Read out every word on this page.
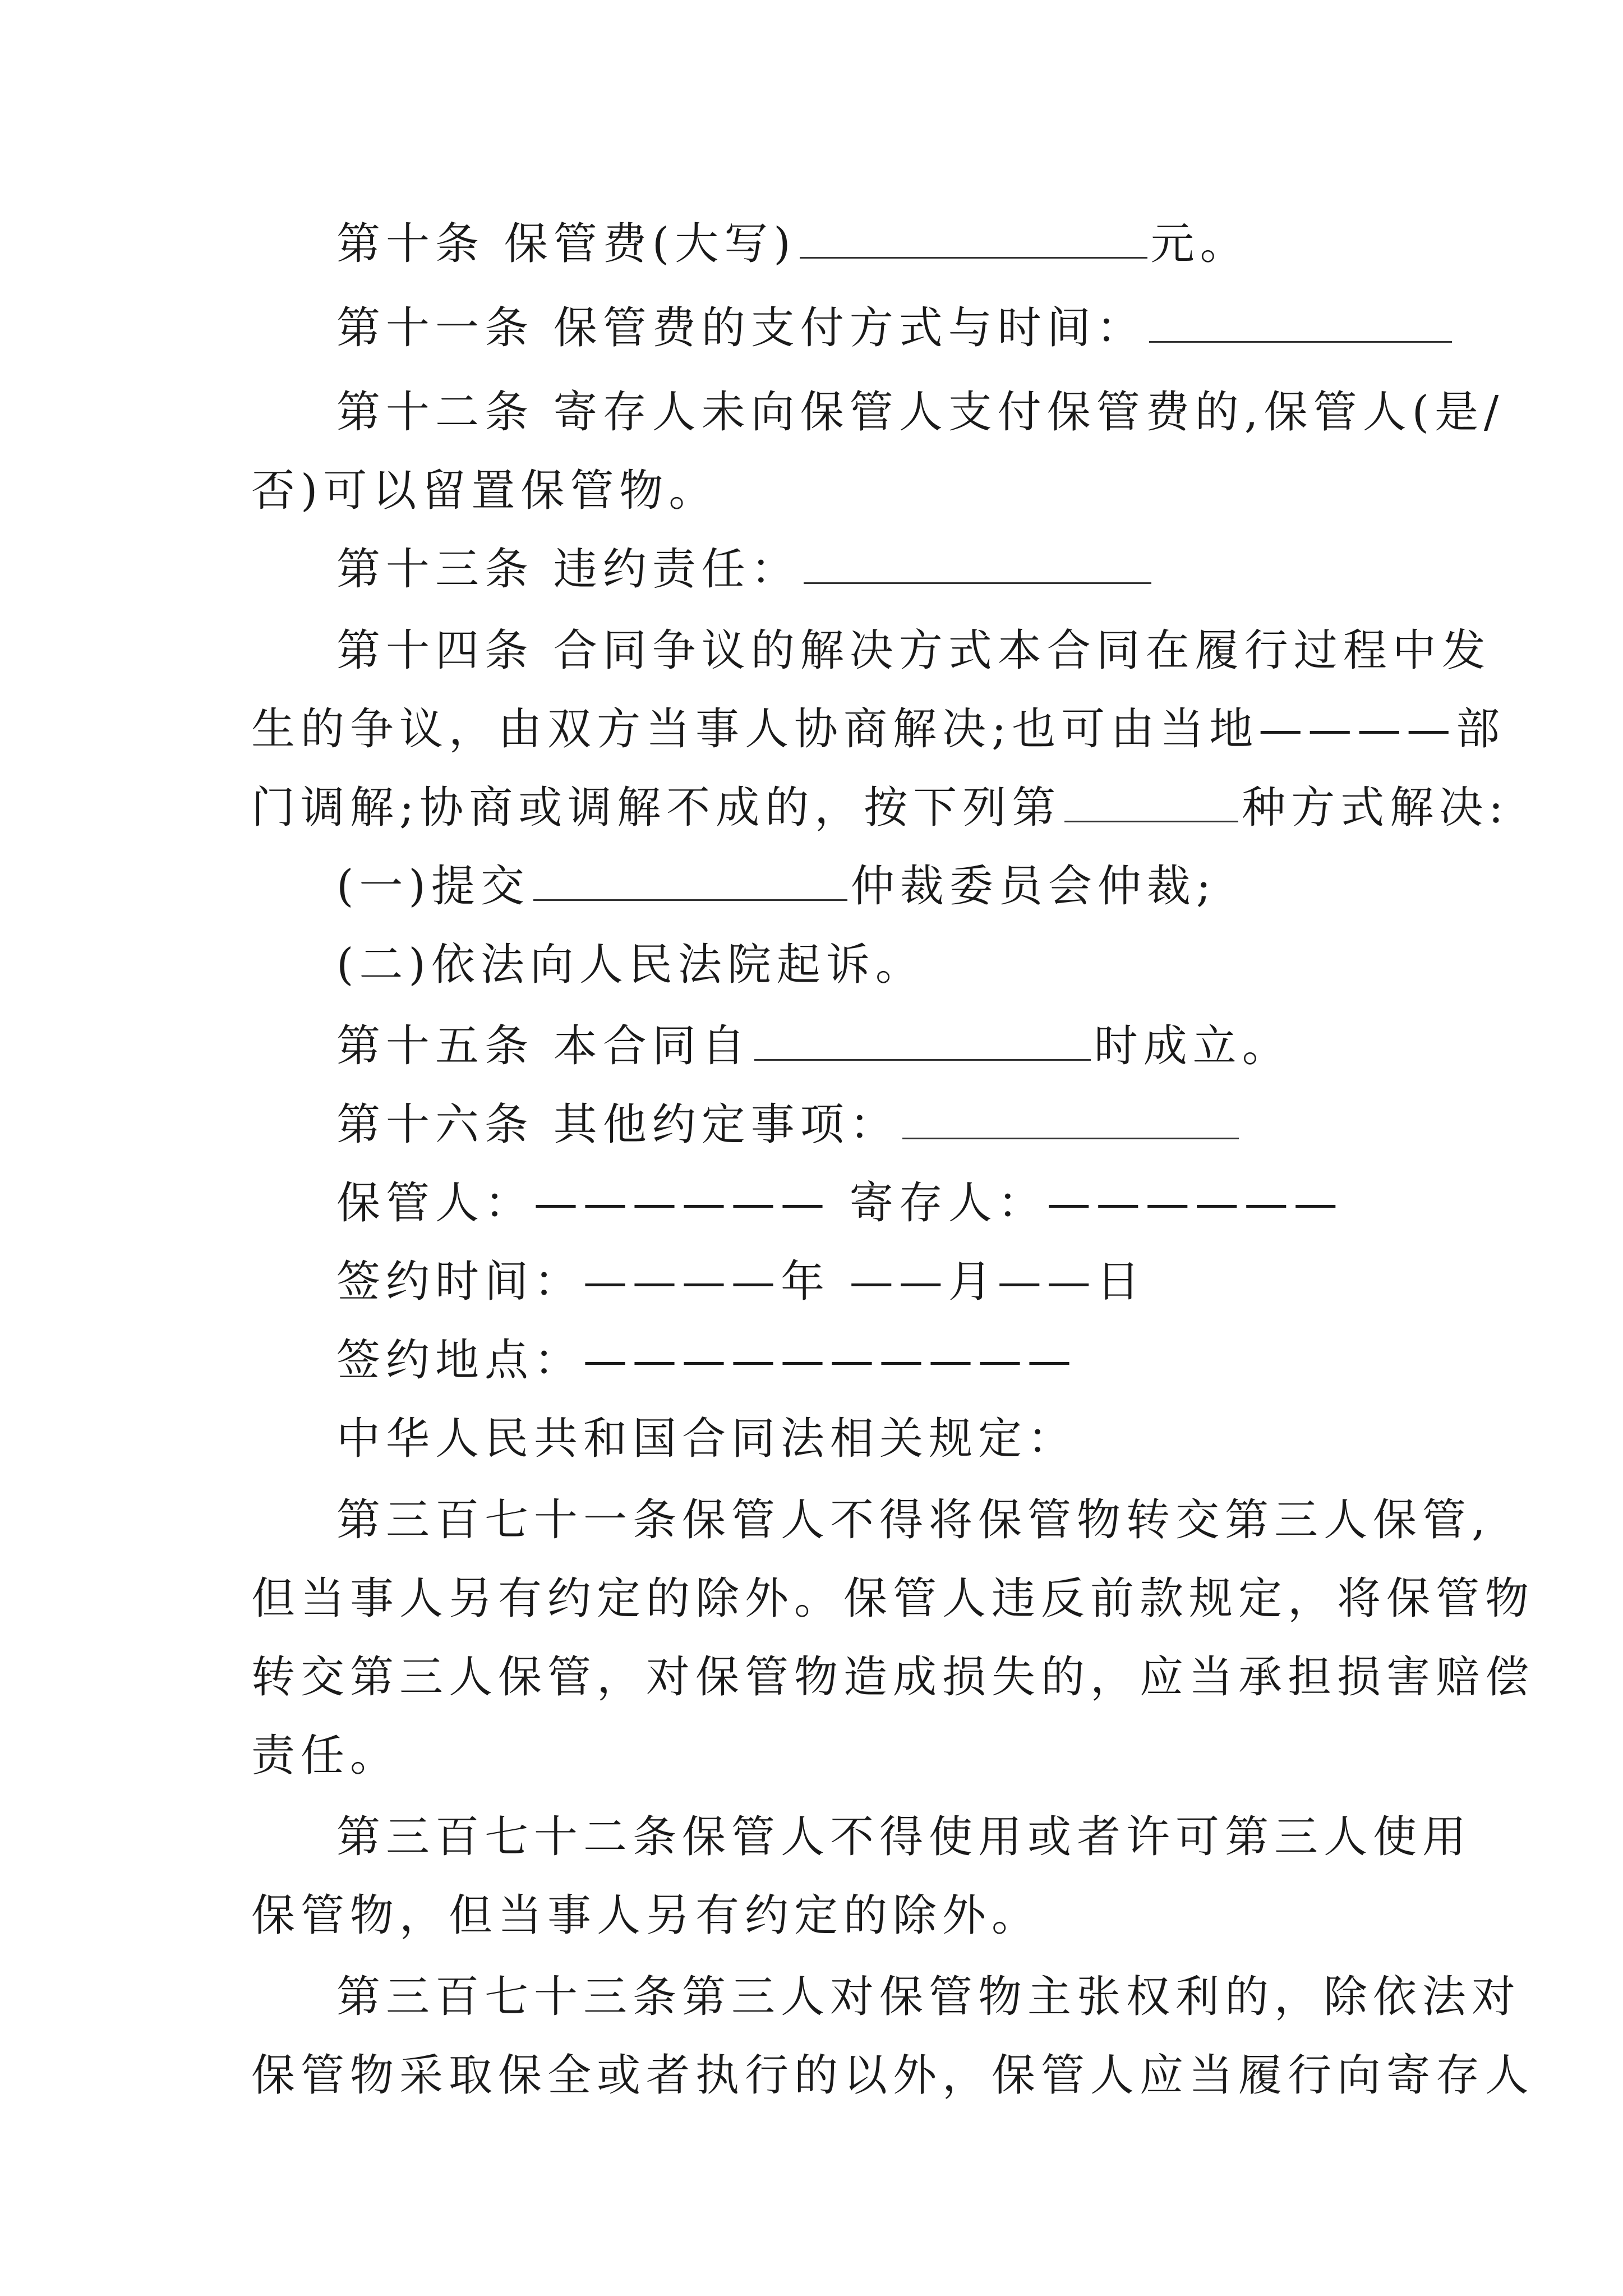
第十条 保管费(大写)	元。
第十一条 保管费的支付方式与时间：
第十二条 寄存人未向保管人支付保管费的,保管人(是/
否)可以留置保管物。
第十三条 违约责任：
第十四条 合同争议的解决方式本合同在履行过程中发
生的争议，由双方当事人协商解决;也可由当地————部
门调解;协商或调解不成的，按下列第	种方式解决:
(一)提交	仲裁委员会仲裁;
(二)依法向人民法院起诉。
第十五条 本合同自	时成立。
第十六条 其他约定事项：
保管人：—————— 寄存人：——————
签约时间：————年 ——月——日
签约地点：——————————
中华人民共和国合同法相关规定：
第三百七十一条保管人不得将保管物转交第三人保管,
但当事人另有约定的除外。保管人违反前款规定，将保管物
转交第三人保管，对保管物造成损失的，应当承担损害赔偿
责任。
第三百七十二条保管人不得使用或者许可第三人使用
保管物，但当事人另有约定的除外。
第三百七十三条第三人对保管物主张权利的，除依法对
保管物采取保全或者执行的以外，保管人应当履行向寄存人
